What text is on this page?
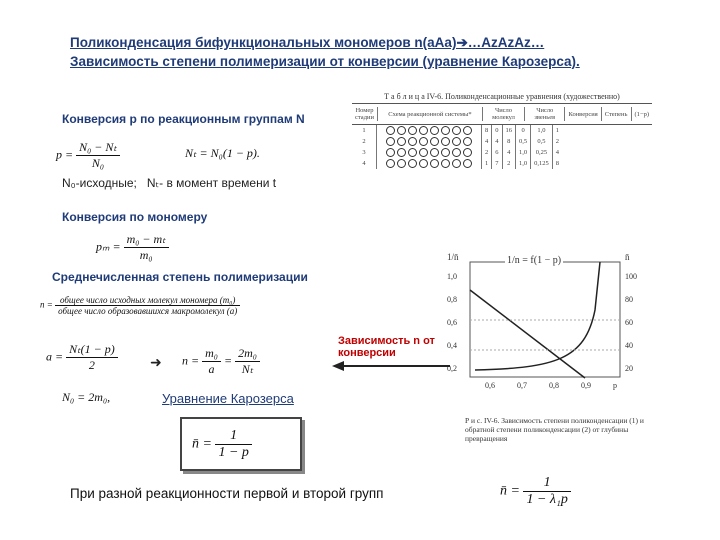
Поликонденсация бифункциональных мономеров n(aAa)➔…AzAzAz…
Зависимость степени полимеризации от конверсии (уравнение Карозерса).
Конверсия p по реакционным группам N
$p = \frac{\text{N₀ − Nₜ}}{\text{N₀}}$	Nₜ = N₀(1 − p).
N₀-исходные; Nₜ- в момент времени t
Конверсия по мономеру
$p_m = \frac{\text{m₀ − mₜ}}{\text{m₀}}$
Среднечисленная степень полимеризации
$n = \frac{\text{общее число исходных молекул мономера (m₀)}}{\text{общее число образовавшихся макромолекул (a)}}$
$a = \frac{\text{Nₜ(1 − p)}}{2}$ ➜ $n = \frac{\text{m₀}}{a} = \frac{\text{2m₀}}{\text{Nₜ}}$
N₀ = 2m₀,	Уравнение Карозерса
n̄ = $\frac{1}{1 - p}$
При разной реакционности первой и второй групп	n̄ = $\frac{1}{\text{1 − λ₁p}}$
Т а б л и ц а IV-6. Поликонденсационные уравнения (художественно)
Номер стадии	Схема реакционной системы*	Число молекул	Число звеньев	Конверсия	Степень	(1−p)
1		8	0	16	0	1,0	1
2		4	4	8	0,5	0,5	2
3		2	6	4	1,0	0,25	4
4		1	7	2	1,0	0,125	8
1/n = f(1 − p)
1/n̄	n̄
1,0
0,8
0,6
0,4
0,2
100
80
60
40
20
0,6	0,7	0,8	0,9	p
Р и с. IV-6. Зависимость степени поликонденсации (1) и обратной степени поликонденсации (2) от глубины превращения
Зависимость n от конверсии
